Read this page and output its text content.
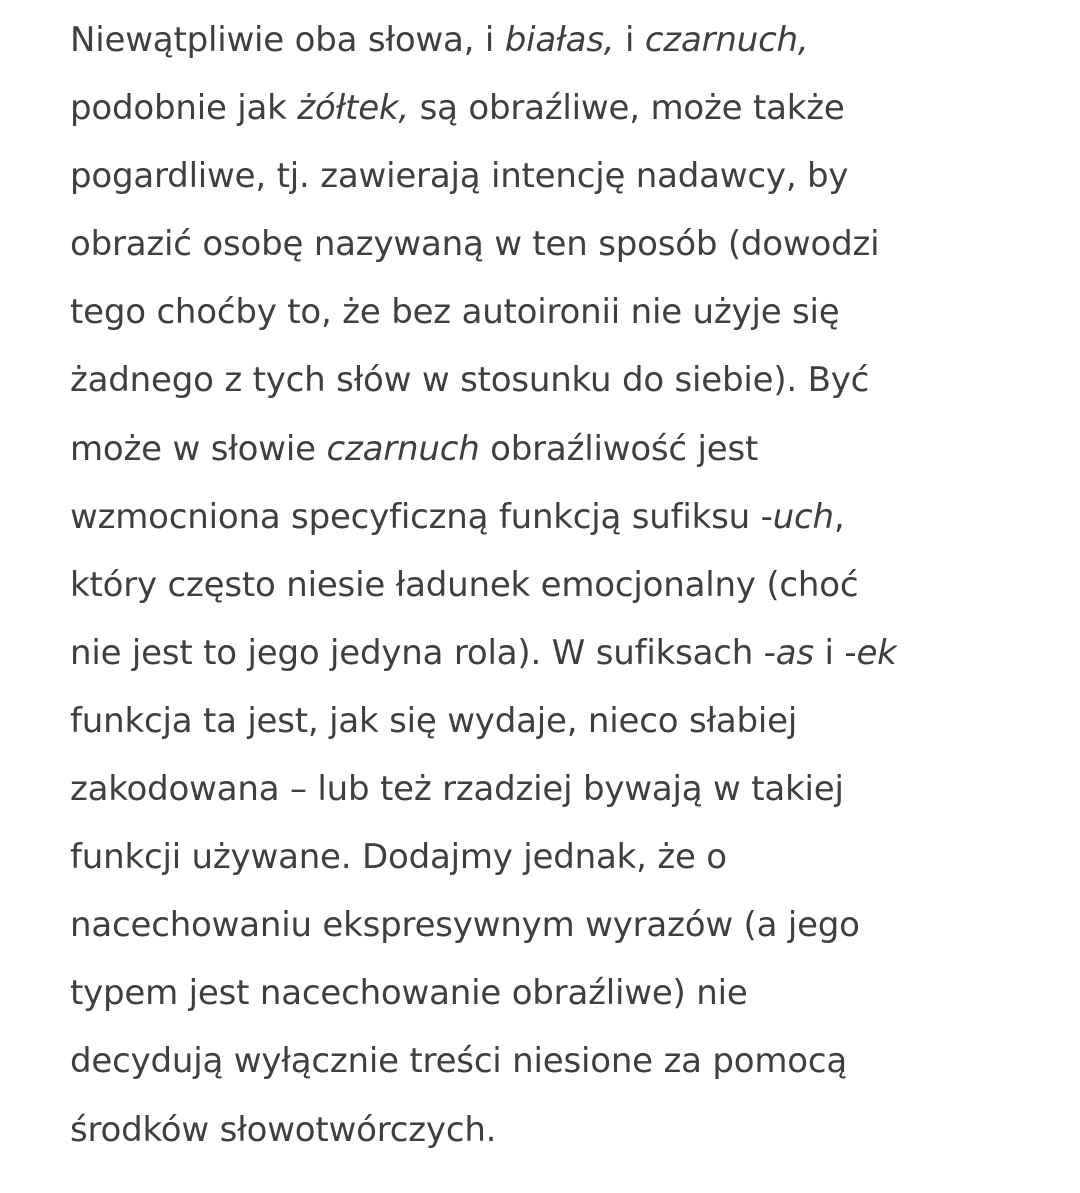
Niewątpliwie oba słowa, i białas, i czarnuch,
podobnie jak żółtek, są obraźliwe, może także
pogardliwe, tj. zawierają intencję nadawcy, by
obrazić osobę nazywaną w ten sposób (dowodzi
tego choćby to, że bez autoironii nie użyje się
żadnego z tych słów w stosunku do siebie). Być
może w słowie czarnuch obraźliwość jest
wzmocniona specyficzną funkcją sufiksu -uch,
który często niesie ładunek emocjonalny (choć
nie jest to jego jedyna rola). W sufiksach -as i -ek
funkcja ta jest, jak się wydaje, nieco słabiej
zakodowana – lub też rzadziej bywają w takiej
funkcji używane. Dodajmy jednak, że o
nacechowaniu ekspresywnym wyrazów (a jego
typem jest nacechowanie obraźliwe) nie
decydują wyłącznie treści niesione za pomocą
środków słowotwórczych.
